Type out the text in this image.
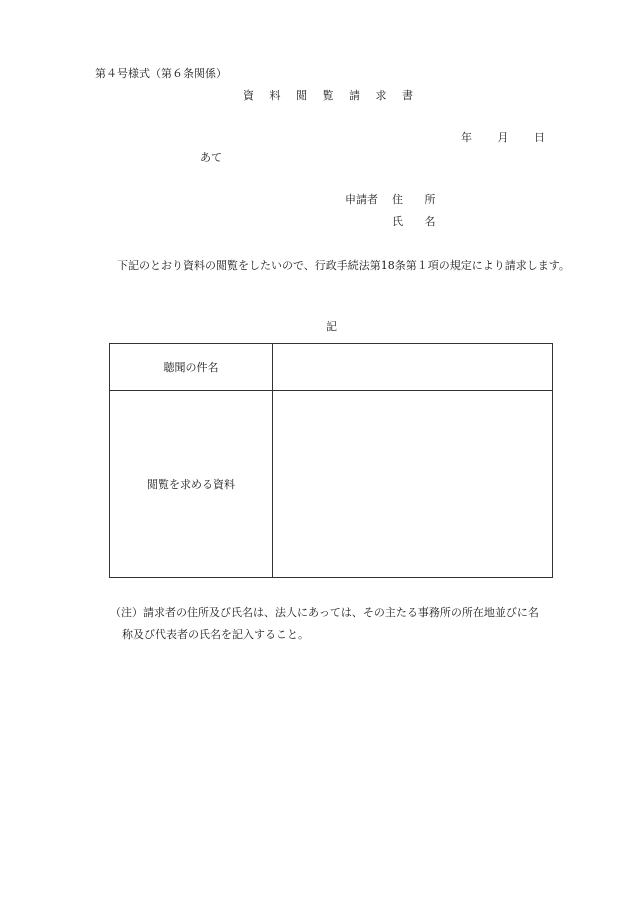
第４号様式（第６条関係）
資 料 閲 覧 請 求 書
年 月 日
あて
申請者 住 所
氏 名
下記のとおり資料の閲覧をしたいので、行政手続法第18条第１項の規定により請求します。
記
聴聞の件名	
閲覧を求める資料	
（注）請求者の住所及び氏名は、法人にあっては、その主たる事務所の所在地並びに名
称及び代表者の氏名を記入すること。
